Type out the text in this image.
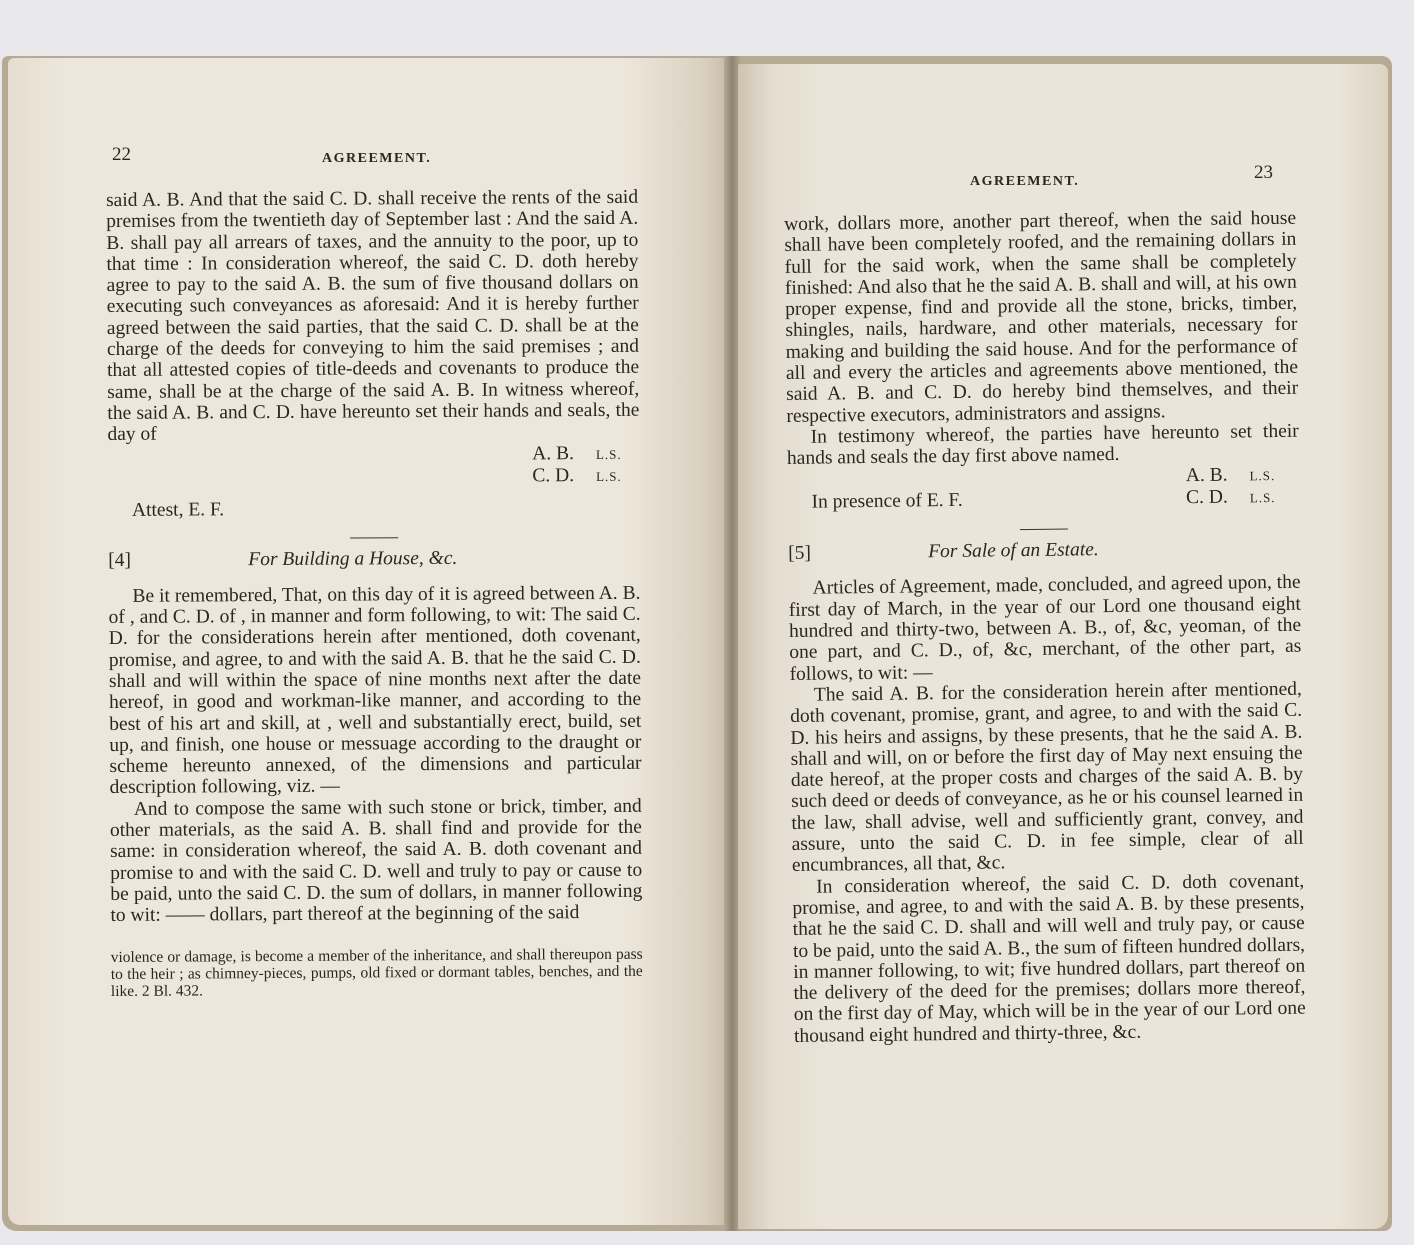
22	AGREEMENT.

said A. B. And that the said C. D. shall receive the rents of the said premises from the twentieth day of September last : And the said A. B. shall pay all arrears of taxes, and the annuity to the poor, up to that time : In consideration whereof, the said C. D. doth hereby agree to pay to the said A. B. the sum of five thousand dollars on executing such conveyances as aforesaid: And it is hereby further agreed between the said parties, that the said C. D. shall be at the charge of the deeds for conveying to him the said premises ; and that all attested copies of title-deeds and covenants to produce the same, shall be at the charge of the said A. B. In witness whereof, the said A. B. and C. D. have hereunto set their hands and seals, the day of

A. B. L.S.
C. D. L.S.
Attest, E. F.
[4]	For Building a House, &c.

Be it remembered, That, on this day of it is agreed between A. B. of , and C. D. of , in manner and form following, to wit: The said C. D. for the considerations herein after mentioned, doth covenant, promise, and agree, to and with the said A. B. that he the said C. D. shall and will within the space of nine months next after the date hereof, in good and workman-like manner, and according to the best of his art and skill, at , well and substantially erect, build, set up, and finish, one house or messuage according to the draught or scheme hereunto annexed, of the dimensions and particular description following, viz. —

And to compose the same with such stone or brick, timber, and other materials, as the said A. B. shall find and provide for the same: in consideration whereof, the said A. B. doth covenant and promise to and with the said C. D. well and truly to pay or cause to be paid, unto the said C. D. the sum of dollars, in manner following to wit: —— dollars, part thereof at the beginning of the said

violence or damage, is become a member of the inheritance, and shall thereupon pass to the heir ; as chimney-pieces, pumps, old fixed or dormant tables, benches, and the like. 2 Bl. 432.

AGREEMENT.	23

work, dollars more, another part thereof, when the said house shall have been completely roofed, and the remaining dollars in full for the said work, when the same shall be completely finished: And also that he the said A. B. shall and will, at his own proper expense, find and provide all the stone, bricks, timber, shingles, nails, hardware, and other materials, necessary for making and building the said house. And for the performance of all and every the articles and agreements above mentioned, the said A. B. and C. D. do hereby bind themselves, and their respective executors, administrators and assigns.

In testimony whereof, the parties have hereunto set their hands and seals the day first above named.

A. B. L.S.
In presence of E. F.	C. D. L.S.
[5]	For Sale of an Estate.

Articles of Agreement, made, concluded, and agreed upon, the first day of March, in the year of our Lord one thousand eight hundred and thirty-two, between A. B., of, &c, yeoman, of the one part, and C. D., of, &c, merchant, of the other part, as follows, to wit: —

The said A. B. for the consideration herein after mentioned, doth covenant, promise, grant, and agree, to and with the said C. D. his heirs and assigns, by these presents, that he the said A. B. shall and will, on or before the first day of May next ensuing the date hereof, at the proper costs and charges of the said A. B. by such deed or deeds of conveyance, as he or his counsel learned in the law, shall advise, well and sufficiently grant, convey, and assure, unto the said C. D. in fee simple, clear of all encumbrances, all that, &c.

In consideration whereof, the said C. D. doth covenant, promise, and agree, to and with the said A. B. by these presents, that he the said C. D. shall and will well and truly pay, or cause to be paid, unto the said A. B., the sum of fifteen hundred dollars, in manner following, to wit; five hundred dollars, part thereof on the delivery of the deed for the premises; dollars more thereof, on the first day of May, which will be in the year of our Lord one thousand eight hundred and thirty-three, &c.
